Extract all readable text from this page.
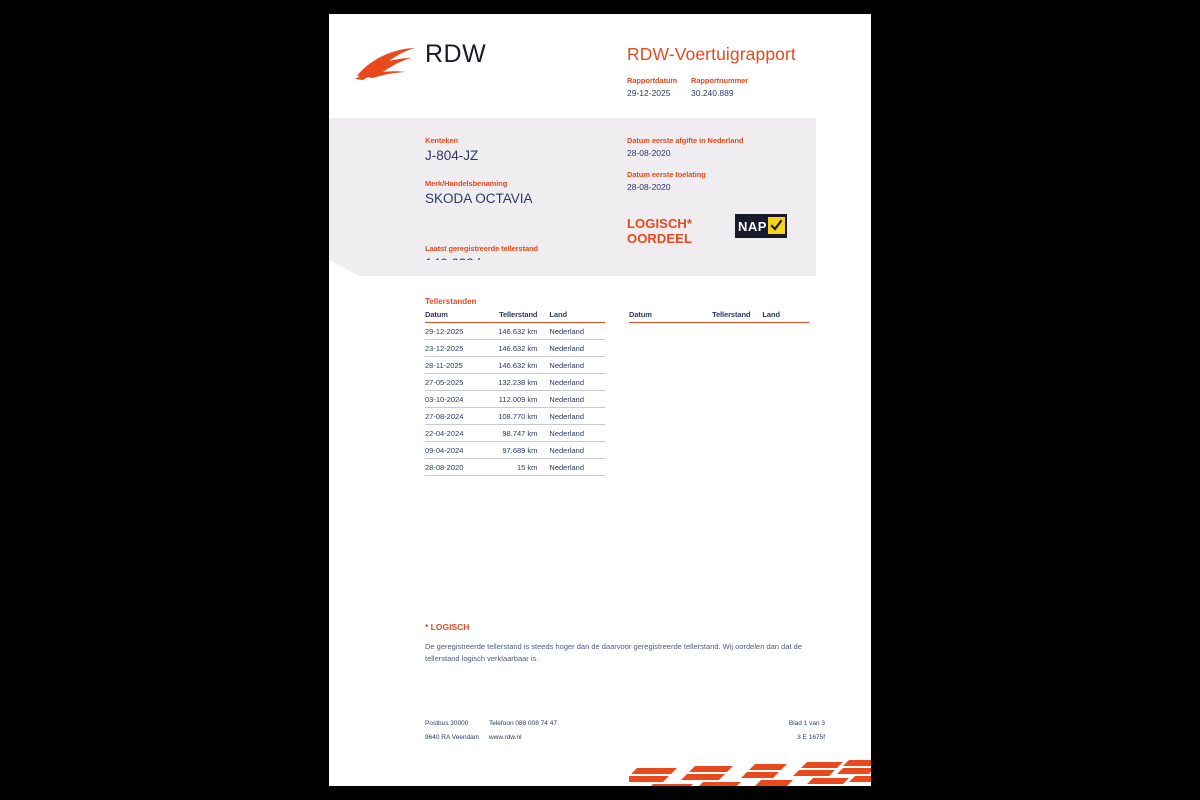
RDW	RDW-Voertuigrapport
Rapportdatum
29-12-2025
Rapportnummer
30.240.889
Kenteken
J-804-JZ
Merk/Handelsbenaming
SKODA OCTAVIA
Laatst geregistreerde tellerstand
Datum eerste afgifte in Nederland
28-08-2020
Datum eerste toelating
28-08-2020
LOGISCH*
OORDEEL
NAP
Tellerstanden
Datum	Tellerstand	Land
29-12-2025	146.632 km	Nederland
23-12-2025	146.632 km	Nederland
28-11-2025	146.632 km	Nederland
27-05-2025	132.238 km	Nederland
03-10-2024	112.009 km	Nederland
27-08-2024	108.770 km	Nederland
22-04-2024	98.747 km	Nederland
09-04-2024	97.689 km	Nederland
28-08-2020	15 km	Nederland
Datum	Tellerstand	Land
* LOGISCH
De geregistreerde tellerstand is steeds hoger dan de daarvoor geregistreerde tellerstand. Wij oordelen dan dat de tellerstand logisch verklaarbaar is.
Postbus 30000
9640 RA Veendam
Telefoon 088 008 74 47
www.rdw.nl
Blad 1 van 3
3 E 1675f
